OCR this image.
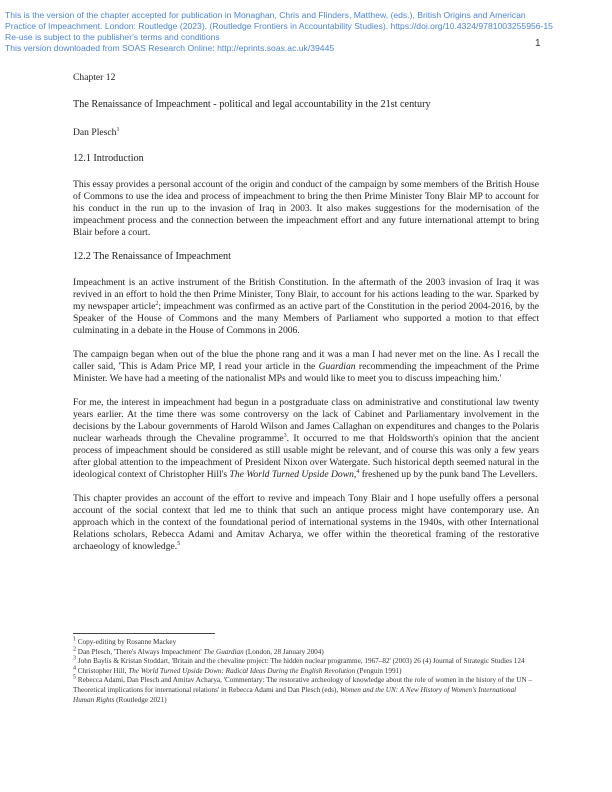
This is the version of the chapter accepted for publication in Monaghan, Chris and Flinders, Matthew, (eds.), British Origins and American
Practice of Impeachment. London: Routledge (2023). (Routledge Frontiers in Accountability Studies). https://doi.org/10.4324/9781003255956-15
Re-use is subject to the publisher's terms and conditions
This version downloaded from SOAS Research Online: http://eprints.soas.ac.uk/39445	1

Chapter 12

The Renaissance of Impeachment - political and legal accountability in the 21st century

Dan Plesch$^1$

12.1 Introduction

This essay provides a personal account of the origin and conduct of the campaign by some members of the British House of Commons to use the idea and process of impeachment to bring the then Prime Minister Tony Blair MP to account for his conduct in the run up to the invasion of Iraq in 2003. It also makes suggestions for the modernisation of the impeachment process and the connection between the impeachment effort and any future international attempt to bring Blair before a court.

12.2 The Renaissance of Impeachment

Impeachment is an active instrument of the British Constitution. In the aftermath of the 2003 invasion of Iraq it was revived in an effort to hold the then Prime Minister, Tony Blair, to account for his actions leading to the war. Sparked by my newspaper article$^2$; impeachment was confirmed as an active part of the Constitution in the period 2004-2016, by the Speaker of the House of Commons and the many Members of Parliament who supported a motion to that effect culminating in a debate in the House of Commons in 2006.

The campaign began when out of the blue the phone rang and it was a man I had never met on the line. As I recall the caller said, 'This is Adam Price MP, I read your article in the Guardian recommending the impeachment of the Prime Minister. We have had a meeting of the nationalist MPs and would like to meet you to discuss impeaching him.'

For me, the interest in impeachment had begun in a postgraduate class on administrative and constitutional law twenty years earlier. At the time there was some controversy on the lack of Cabinet and Parliamentary involvement in the decisions by the Labour governments of Harold Wilson and James Callaghan on expenditures and changes to the Polaris nuclear warheads through the Chevaline programme$^3$. It occurred to me that Holdsworth's opinion that the ancient process of impeachment should be considered as still usable might be relevant, and of course this was only a few years after global attention to the impeachment of President Nixon over Watergate. Such historical depth seemed natural in the ideological context of Christopher Hill's The World Turned Upside Down,$^4$ freshened up by the punk band The Levellers.

This chapter provides an account of the effort to revive and impeach Tony Blair and I hope usefully offers a personal account of the social context that led me to think that such an antique process might have contemporary use. An approach which in the context of the foundational period of international systems in the 1940s, with other International Relations scholars, Rebecca Adami and Amitav Acharya, we offer within the theoretical framing of the restorative archaeology of knowledge.$^5$

$^1$ Copy-editing by Rosanne Mackey

$^2$ Dan Plesch, 'There's Always Impeachment' The Guardian (London, 28 January 2004)

$^3$ John Baylis & Kristan Stoddart, 'Britain and the chevaline project: The hidden nuclear programme, 1967–82' (2003) 26 (4) Journal of Strategic Studies 124

$^4$ Christopher Hill, The World Turned Upside Down: Radical Ideas During the English Revolution (Penguin 1991)

$^5$ Rebecca Adami, Dan Plesch and Amitav Acharya, 'Commentary: The restorative archeology of knowledge about the role of women in the history of the UN – Theoretical implications for international relations' in Rebecca Adami and Dan Plesch (eds), Women and the UN: A New History of Women's International Human Rights (Routledge 2021)
